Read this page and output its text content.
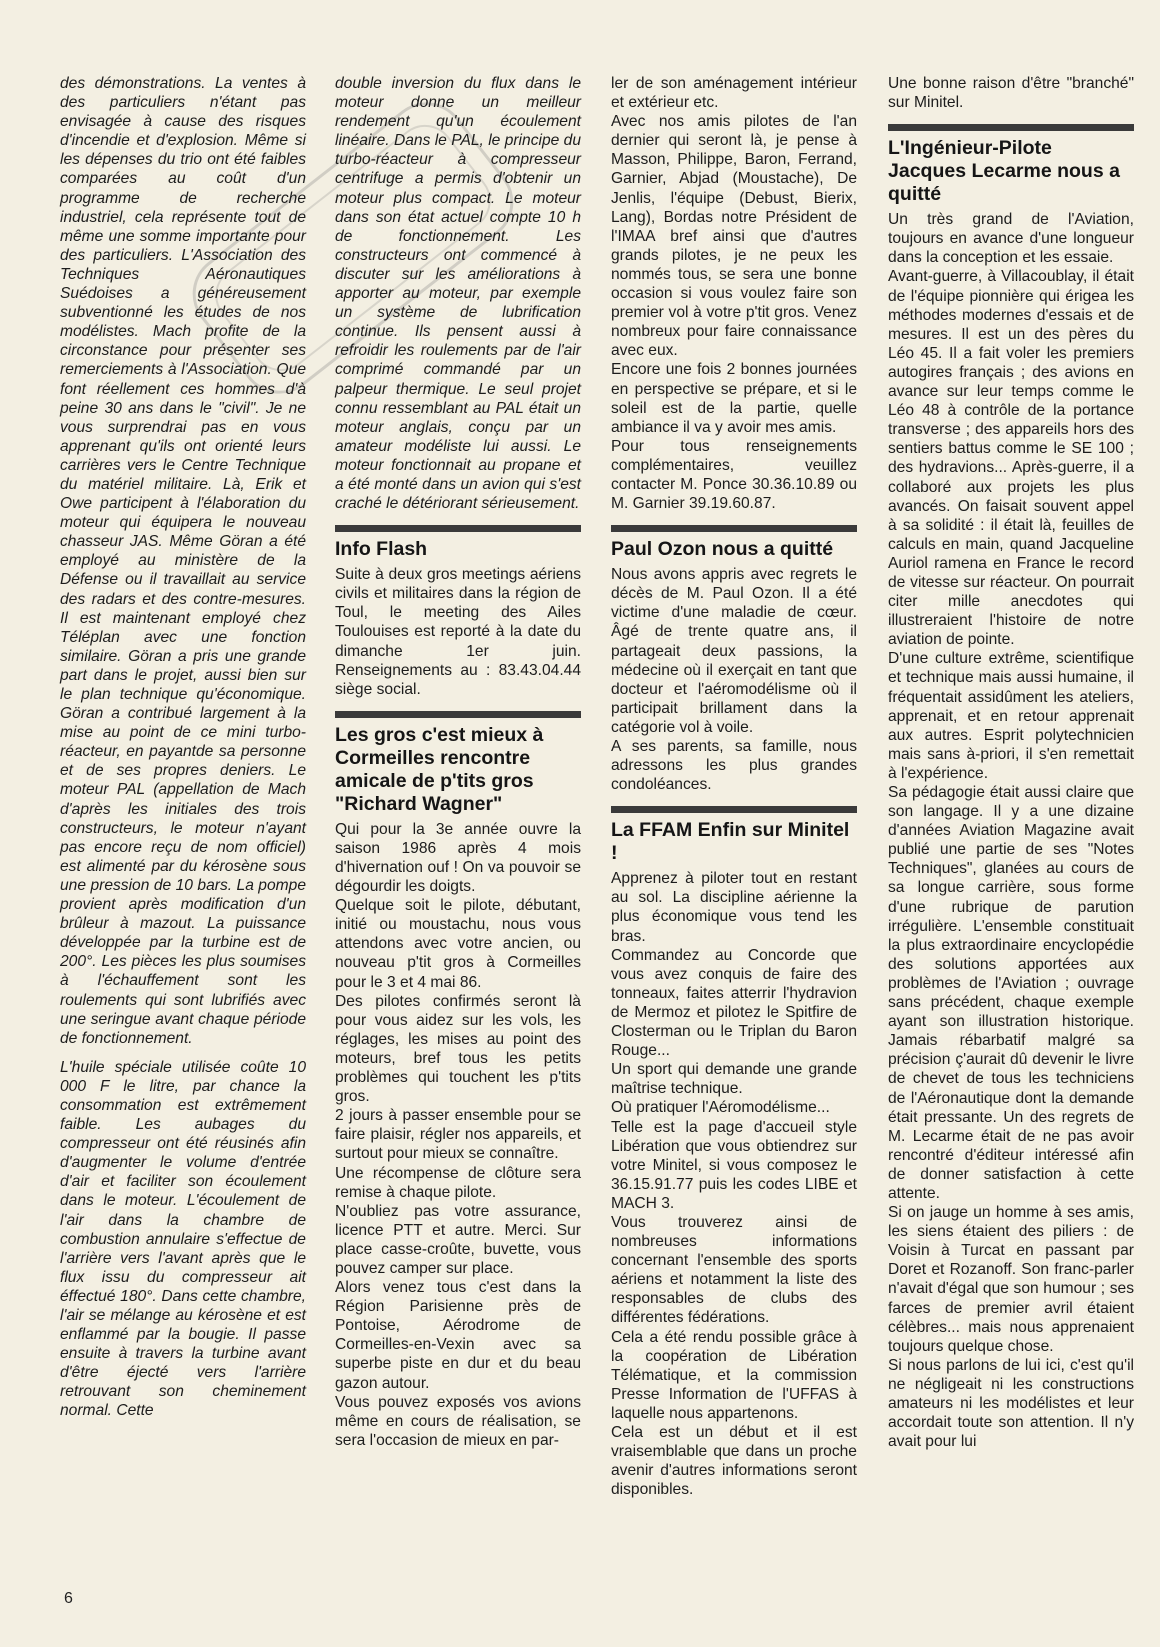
des démonstrations. La ventes à des particuliers n'étant pas envisagée à cause des risques d'incendie et d'explosion. Même si les dépenses du trio ont été faibles comparées au coût d'un programme de recherche industriel, cela représente tout de même une somme importante pour des particuliers. L'Association des Techniques Aéronautiques Suédoises a généreusement subventionné les études de nos modélistes. Mach profite de la circonstance pour présenter ses remerciements à l'Association. Que font réellement ces hommes d'à peine 30 ans dans le "civil". Je ne vous surprendrai pas en vous apprenant qu'ils ont orienté leurs carrières vers le Centre Technique du matériel militaire. Là, Erik et Owe participent à l'élaboration du moteur qui équipera le nouveau chasseur JAS. Même Göran a été employé au ministère de la Défense ou il travaillait au service des radars et des contre-mesures. Il est maintenant employé chez Téléplan avec une fonction similaire. Göran a pris une grande part dans le projet, aussi bien sur le plan technique qu'économique. Göran a contribué largement à la mise au point de ce mini turbo-réacteur, en payantde sa personne et de ses propres deniers. Le moteur PAL (appellation de Mach d'après les initiales des trois constructeurs, le moteur n'ayant pas encore reçu de nom officiel) est alimenté par du kérosène sous une pression de 10 bars. La pompe provient après modification d'un brûleur à mazout. La puissance développée par la turbine est de 200°. Les pièces les plus soumises à l'échauffement sont les roulements qui sont lubrifiés avec une seringue avant chaque période de fonctionnement.

L'huile spéciale utilisée coûte 10 000 F le litre, par chance la consommation est extrêmement faible. Les aubages du compresseur ont été réusinés afin d'augmenter le volume d'entrée d'air et faciliter son écoulement dans le moteur. L'écoulement de l'air dans la chambre de combustion annulaire s'effectue de l'arrière vers l'avant après que le flux issu du compresseur ait éffectué 180°. Dans cette chambre, l'air se mélange au kérosène et est enflammé par la bougie. Il passe ensuite à travers la turbine avant d'être éjecté vers l'arrière retrouvant son cheminement normal. Cette

double inversion du flux dans le moteur donne un meilleur rendement qu'un écoulement linéaire. Dans le PAL, le principe du turbo-réacteur à compresseur centrifuge a permis d'obtenir un moteur plus compact. Le moteur dans son état actuel compte 10 h de fonctionnement. Les constructeurs ont commencé à discuter sur les améliorations à apporter au moteur, par exemple un système de lubrification continue. Ils pensent aussi à refroidir les roulements par de l'air comprimé commandé par un palpeur thermique. Le seul projet connu ressemblant au PAL était un moteur anglais, conçu par un amateur modéliste lui aussi. Le moteur fonctionnait au propane et a été monté dans un avion qui s'est craché le détériorant sérieusement.

Info Flash

Suite à deux gros meetings aériens civils et militaires dans la région de Toul, le meeting des Ailes Toulouises est reporté à la date du dimanche 1er juin. Renseignements au : 83.43.04.44 siège social.

Les gros c'est mieux à Cormeilles rencontre amicale de p'tits gros "Richard Wagner"

Qui pour la 3e année ouvre la saison 1986 après 4 mois d'hivernation ouf ! On va pouvoir se dégourdir les doigts.

Quelque soit le pilote, débutant, initié ou moustachu, nous vous attendons avec votre ancien, ou nouveau p'tit gros à Cormeilles pour le 3 et 4 mai 86.

Des pilotes confirmés seront là pour vous aidez sur les vols, les réglages, les mises au point des moteurs, bref tous les petits problèmes qui touchent les p'tits gros.

2 jours à passer ensemble pour se faire plaisir, régler nos appareils, et surtout pour mieux se connaître.

Une récompense de clôture sera remise à chaque pilote.

N'oubliez pas votre assurance, licence PTT et autre. Merci. Sur place casse-croûte, buvette, vous pouvez camper sur place.

Alors venez tous c'est dans la Région Parisienne près de Pontoise, Aérodrome de Cormeilles-en-Vexin avec sa superbe piste en dur et du beau gazon autour.

Vous pouvez exposés vos avions même en cours de réalisation, se sera l'occasion de mieux en par-

ler de son aménagement intérieur et extérieur etc.

Avec nos amis pilotes de l'an dernier qui seront là, je pense à Masson, Philippe, Baron, Ferrand, Garnier, Abjad (Moustache), De Jenlis, l'équipe (Debust, Bierix, Lang), Bordas notre Président de l'IMAA bref ainsi que d'autres grands pilotes, je ne peux les nommés tous, se sera une bonne occasion si vous voulez faire son premier vol à votre p'tit gros. Venez nombreux pour faire connaissance avec eux.

Encore une fois 2 bonnes journées en perspective se prépare, et si le soleil est de la partie, quelle ambiance il va y avoir mes amis.

Pour tous renseignements complémentaires, veuillez contacter M. Ponce 30.36.10.89 ou M. Garnier 39.19.60.87.

Paul Ozon nous a quitté

Nous avons appris avec regrets le décès de M. Paul Ozon. Il a été victime d'une maladie de cœur. Âgé de trente quatre ans, il partageait deux passions, la médecine où il exerçait en tant que docteur et l'aéromodélisme où il participait brillament dans la catégorie vol à voile.

A ses parents, sa famille, nous adressons les plus grandes condoléances.

La FFAM Enfin sur Minitel !

Apprenez à piloter tout en restant au sol. La discipline aérienne la plus économique vous tend les bras.

Commandez au Concorde que vous avez conquis de faire des tonneaux, faites atterrir l'hydravion de Mermoz et pilotez le Spitfire de Closterman ou le Triplan du Baron Rouge...

Un sport qui demande une grande maîtrise technique.

Où pratiquer l'Aéromodélisme...

Telle est la page d'accueil style Libération que vous obtiendrez sur votre Minitel, si vous composez le 36.15.91.77 puis les codes LIBE et MACH 3.

Vous trouverez ainsi de nombreuses informations concernant l'ensemble des sports aériens et notamment la liste des responsables de clubs des différentes fédérations.

Cela a été rendu possible grâce à la coopération de Libération Télématique, et la commission Presse Information de l'UFFAS à laquelle nous appartenons.

Cela est un début et il est vraisemblable que dans un proche avenir d'autres informations seront disponibles.

Une bonne raison d'être "branché" sur Minitel.

L'Ingénieur-Pilote Jacques Lecarme nous a quitté

Un très grand de l'Aviation, toujours en avance d'une longueur dans la conception et les essaie.

Avant-guerre, à Villacoublay, il était de l'équipe pionnière qui érigea les méthodes modernes d'essais et de mesures. Il est un des pères du Léo 45. Il a fait voler les premiers autogires français ; des avions en avance sur leur temps comme le Léo 48 à contrôle de la portance transverse ; des appareils hors des sentiers battus comme le SE 100 ; des hydravions... Après-guerre, il a collaboré aux projets les plus avancés. On faisait souvent appel à sa solidité : il était là, feuilles de calculs en main, quand Jacqueline Auriol ramena en France le record de vitesse sur réacteur. On pourrait citer mille anecdotes qui illustreraient l'histoire de notre aviation de pointe.

D'une culture extrême, scientifique et technique mais aussi humaine, il fréquentait assidûment les ateliers, apprenait, et en retour apprenait aux autres. Esprit polytechnicien mais sans à-priori, il s'en remettait à l'expérience.

Sa pédagogie était aussi claire que son langage. Il y a une dizaine d'années Aviation Magazine avait publié une partie de ses "Notes Techniques", glanées au cours de sa longue carrière, sous forme d'une rubrique de parution irrégulière. L'ensemble constituait la plus extraordinaire encyclopédie des solutions apportées aux problèmes de l'Aviation ; ouvrage sans précédent, chaque exemple ayant son illustration historique. Jamais rébarbatif malgré sa précision ç'aurait dû devenir le livre de chevet de tous les techniciens de l'Aéronautique dont la demande était pressante. Un des regrets de M. Lecarme était de ne pas avoir rencontré d'éditeur intéressé afin de donner satisfaction à cette attente.

Si on jauge un homme à ses amis, les siens étaient des piliers : de Voisin à Turcat en passant par Doret et Rozanoff. Son franc-parler n'avait d'égal que son humour ; ses farces de premier avril étaient célèbres... mais nous apprenaient toujours quelque chose.

Si nous parlons de lui ici, c'est qu'il ne négligeait ni les constructions amateurs ni les modélistes et leur accordait toute son attention. Il n'y avait pour lui

6
